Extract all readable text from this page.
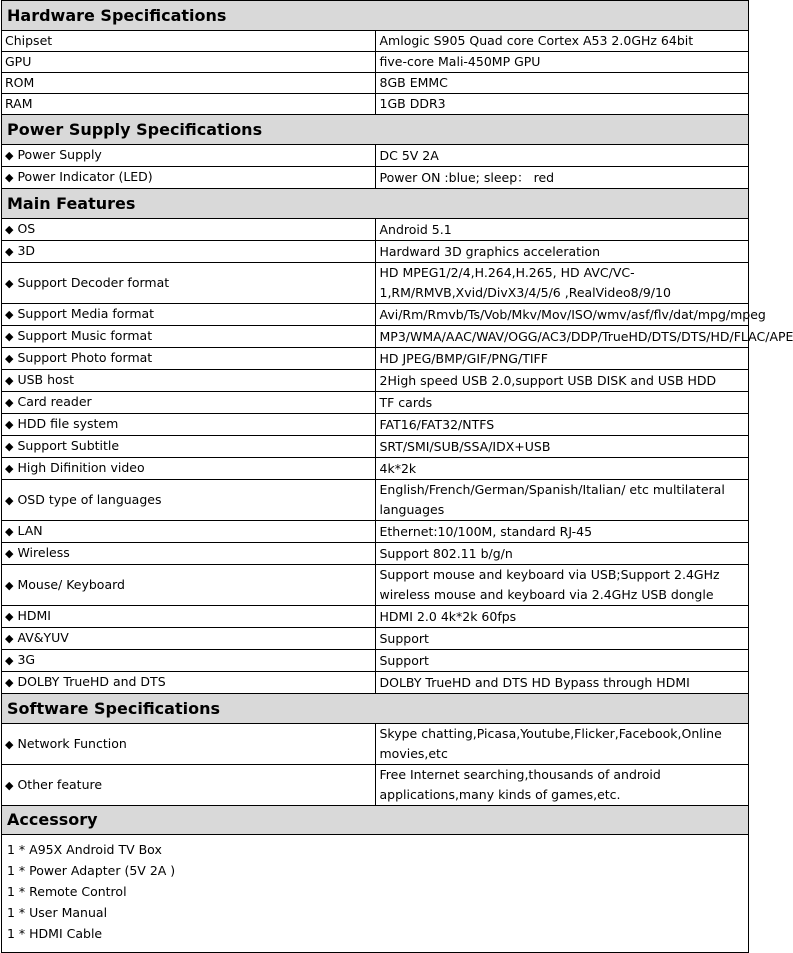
Hardware Specifications	
Chipset	Amlogic S905 Quad core Cortex A53 2.0GHz 64bit
GPU	five-core Mali-450MP GPU
ROM	8GB EMMC
RAM	1GB DDR3
Power Supply Specifications	
◆ Power Supply	DC 5V 2A
◆ Power Indicator (LED)	Power ON :blue; sleep： red
Main Features	
◆ OS	Android 5.1
◆ 3D	Hardward 3D graphics acceleration
◆ Support Decoder format	HD MPEG1/2/4,H.264,H.265, HD AVC/VC-1,RM/RMVB,Xvid/DivX3/4/5/6 ,RealVideo8/9/10
◆ Support Media format	Avi/Rm/Rmvb/Ts/Vob/Mkv/Mov/ISO/wmv/asf/flv/dat/mpg/mpeg
◆ Support Music format	MP3/WMA/AAC/WAV/OGG/AC3/DDP/TrueHD/DTS/DTS/HD/FLAC/APE
◆ Support Photo format	HD JPEG/BMP/GIF/PNG/TIFF
◆ USB host	2High speed USB 2.0,support USB DISK and USB HDD
◆ Card reader	TF cards
◆ HDD file system	FAT16/FAT32/NTFS
◆ Support Subtitle	SRT/SMI/SUB/SSA/IDX+USB
◆ High Difinition video	4k*2k
◆ OSD type of languages	English/French/German/Spanish/Italian/ etc multilateral languages
◆ LAN	Ethernet:10/100M, standard RJ-45
◆ Wireless	Support 802.11 b/g/n
◆ Mouse/ Keyboard	Support mouse and keyboard via USB;Support 2.4GHz wireless mouse and keyboard via 2.4GHz USB dongle
◆ HDMI	HDMI 2.0 4k*2k 60fps
◆ AV&YUV	Support
◆ 3G	Support
◆ DOLBY TrueHD and DTS	DOLBY TrueHD and DTS HD Bypass through HDMI
Software Specifications	
◆ Network Function	Skype chatting,Picasa,Youtube,Flicker,Facebook,Online movies,etc
◆ Other feature	Free Internet searching,thousands of android applications,many kinds of games,etc.
Accessory
1 * A95X Android TV Box
1 * Power Adapter (5V 2A )
1 * Remote Control
1 * User Manual
1 * HDMI Cable
